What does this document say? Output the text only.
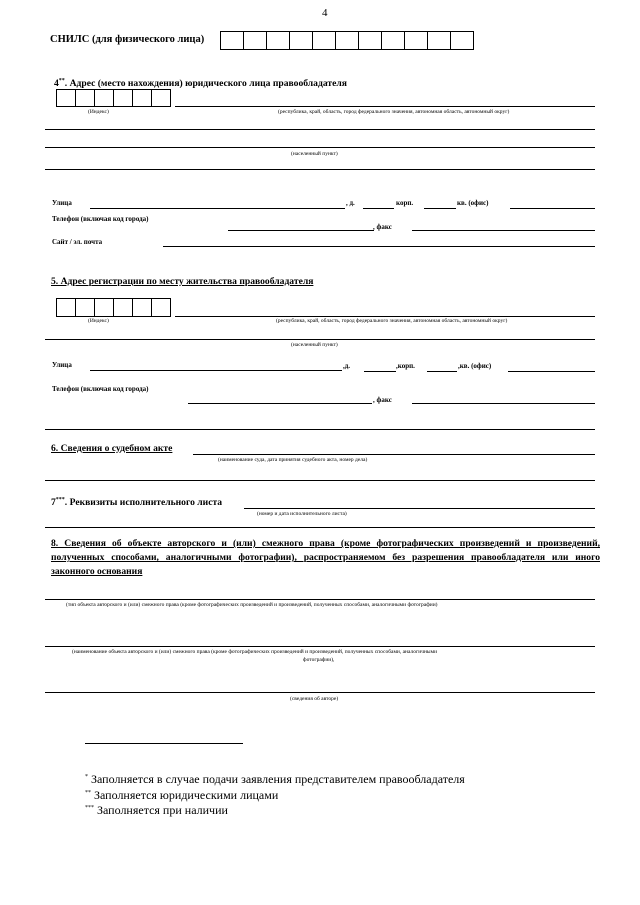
4
СНИЛС (для физического лица)
4**. Адрес (место нахождения) юридического лица правообладателя
(Индекс)	(республика, край, область, город федерального значения, автономная область, автономный округ)
(населенный пункт)
Улица	, д.	корп.	кв. (офис)
Телефон (включая код города)
, факс
Сайт / эл. почта
5. Адрес регистрации по месту жительства правообладателя
(Индекс)	(республика, край, область, город федерального значения, автономная область, автономный округ)
(населенный пункт)
Улица	,д.	,корп.	,кв. (офис)
Телефон (включая код города)
, факс
6. Сведения о судебном акте
(наименование суда, дата принятия судебного акта, номер дела)
7***. Реквизиты исполнительного листа
(номер и дата исполнительного листа)
8. Сведения об объекте авторского и (или) смежного права (кроме фотографических произведений и произведений, полученных способами, аналогичными фотографии), распространяемом без разрешения правообладателя или иного законного основания
(тип объекта авторского и (или) смежного права (кроме фотографических произведений и произведений, полученных способами, аналогичными фотографии)
(наименование объекта авторского и (или) смежного права (кроме фотографических произведений и произведений, полученных способами, аналогичными
фотографии),
(сведения об авторе)
* Заполняется в случае подачи заявления представителем правообладателя
** Заполняется юридическими лицами
*** Заполняется при наличии
